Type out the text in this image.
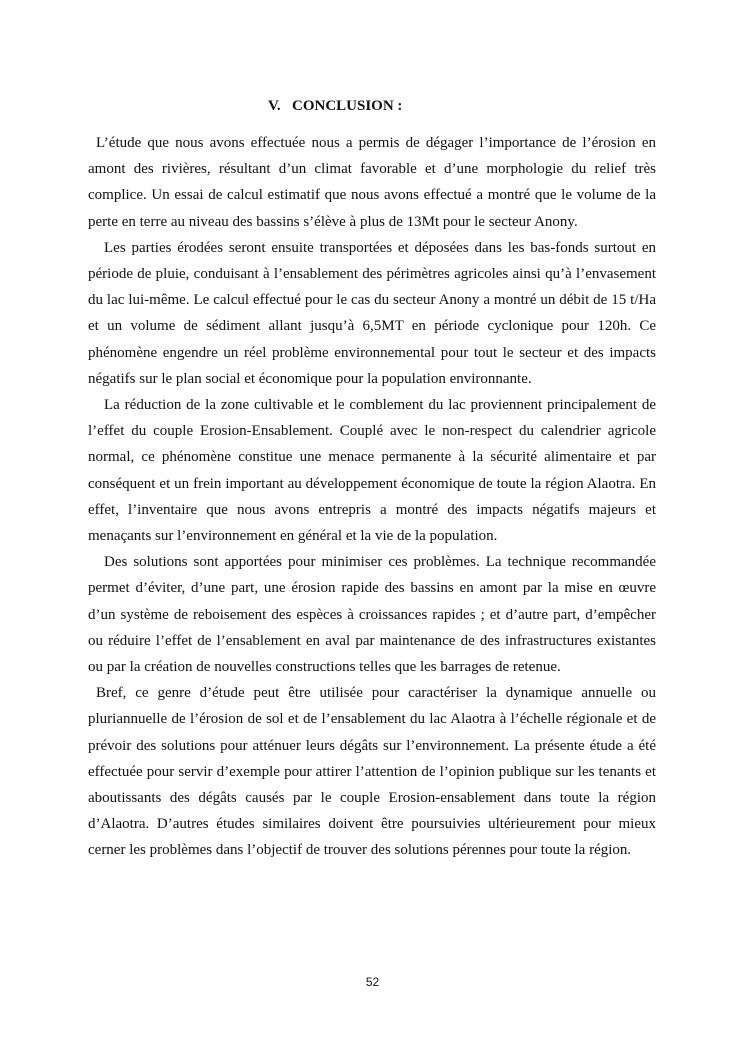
V. CONCLUSION :

L’étude que nous avons effectuée nous a permis de dégager l’importance de l’érosion en amont des rivières, résultant d’un climat favorable et d’une morphologie du relief très complice. Un essai de calcul estimatif que nous avons effectué a montré que le volume de la perte en terre au niveau des bassins s’élève à plus de 13Mt pour le secteur Anony.

Les parties érodées seront ensuite transportées et déposées dans les bas-fonds surtout en période de pluie, conduisant à l’ensablement des périmètres agricoles ainsi qu’à l’envasement du lac lui-même. Le calcul effectué pour le cas du secteur Anony a montré un débit de 15 t/Ha et un volume de sédiment allant jusqu’à 6,5MT en période cyclonique pour 120h. Ce phénomène engendre un réel problème environnemental pour tout le secteur et des impacts négatifs sur le plan social et économique pour la population environnante.

La réduction de la zone cultivable et le comblement du lac proviennent principalement de l’effet du couple Erosion-Ensablement. Couplé avec le non-respect du calendrier agricole normal, ce phénomène constitue une menace permanente à la sécurité alimentaire et par conséquent et un frein important au développement économique de toute la région Alaotra. En effet, l’inventaire que nous avons entrepris a montré des impacts négatifs majeurs et menaçants sur l’environnement en général et la vie de la population.

Des solutions sont apportées pour minimiser ces problèmes. La technique recommandée permet d’éviter, d’une part, une érosion rapide des bassins en amont par la mise en œuvre d’un système de reboisement des espèces à croissances rapides ; et d’autre part, d’empêcher ou réduire l’effet de l’ensablement en aval par maintenance de des infrastructures existantes ou par la création de nouvelles constructions telles que les barrages de retenue.

Bref, ce genre d’étude peut être utilisée pour caractériser la dynamique annuelle ou pluriannuelle de l’érosion de sol et de l’ensablement du lac Alaotra à l’échelle régionale et de prévoir des solutions pour atténuer leurs dégâts sur l’environnement. La présente étude a été effectuée pour servir d’exemple pour attirer l’attention de l’opinion publique sur les tenants et aboutissants des dégâts causés par le couple Erosion-ensablement dans toute la région d’Alaotra. D’autres études similaires doivent être poursuivies ultérieurement pour mieux cerner les problèmes dans l’objectif de trouver des solutions pérennes pour toute la région.

52
